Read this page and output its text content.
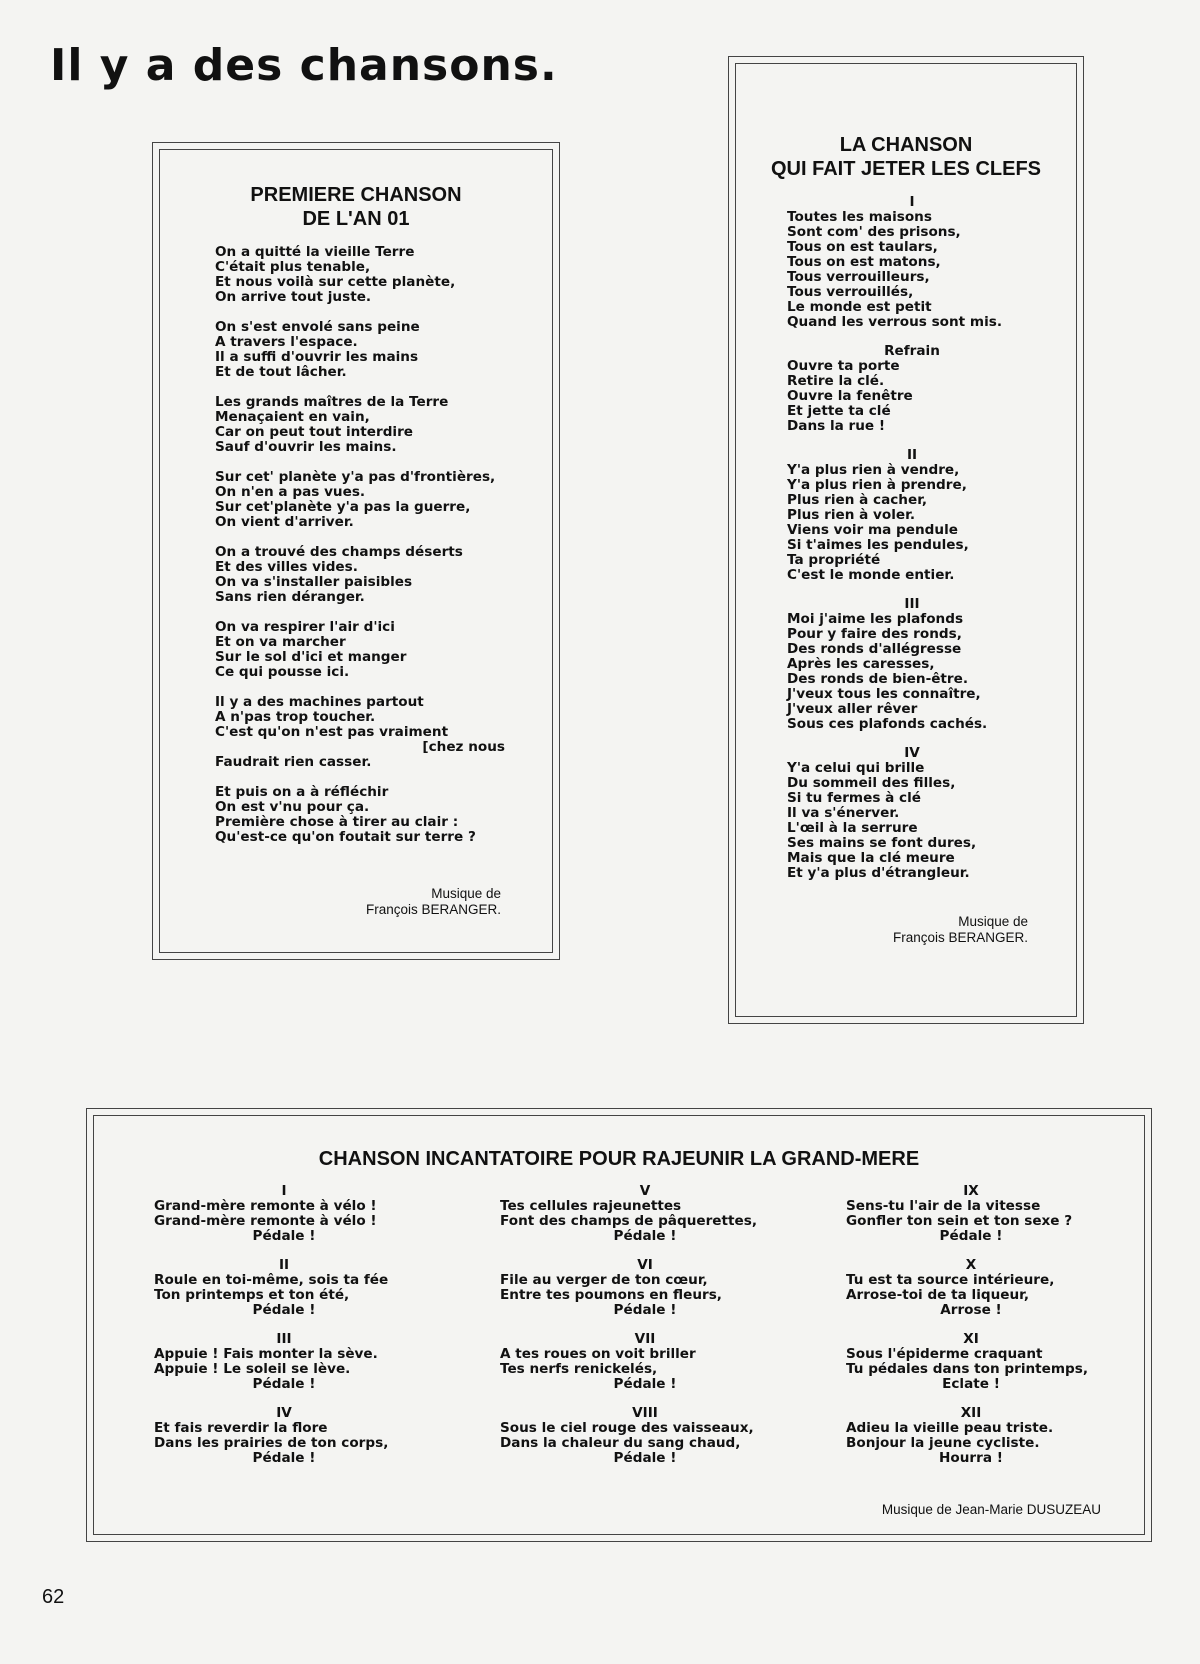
Il y a des chansons.
PREMIERE CHANSON
DE L'AN 01
On a quitté la vieille Terre
C'était plus tenable,
Et nous voilà sur cette planète,
On arrive tout juste.
On s'est envolé sans peine
A travers l'espace.
Il a suffi d'ouvrir les mains
Et de tout lâcher.
Les grands maîtres de la Terre
Menaçaient en vain,
Car on peut tout interdire
Sauf d'ouvrir les mains.
Sur cet' planète y'a pas d'frontières,
On n'en a pas vues.
Sur cet'planète y'a pas la guerre,
On vient d'arriver.
On a trouvé des champs déserts
Et des villes vides.
On va s'installer paisibles
Sans rien déranger.
On va respirer l'air d'ici
Et on va marcher
Sur le sol d'ici et manger
Ce qui pousse ici.
Il y a des machines partout
A n'pas trop toucher.
C'est qu'on n'est pas vraiment
[chez nous
Faudrait rien casser.
Et puis on a à réfléchir
On est v'nu pour ça.
Première chose à tirer au clair :
Qu'est-ce qu'on foutait sur terre ?
Musique de
François BERANGER.
LA CHANSON
QUI FAIT JETER LES CLEFS
I
Toutes les maisons
Sont com' des prisons,
Tous on est taulars,
Tous on est matons,
Tous verrouilleurs,
Tous verrouillés,
Le monde est petit
Quand les verrous sont mis.
Refrain
Ouvre ta porte
Retire la clé.
Ouvre la fenêtre
Et jette ta clé
Dans la rue !
II
Y'a plus rien à vendre,
Y'a plus rien à prendre,
Plus rien à cacher,
Plus rien à voler.
Viens voir ma pendule
Si t'aimes les pendules,
Ta propriété
C'est le monde entier.
III
Moi j'aime les plafonds
Pour y faire des ronds,
Des ronds d'allégresse
Après les caresses,
Des ronds de bien-être.
J'veux tous les connaître,
J'veux aller rêver
Sous ces plafonds cachés.
IV
Y'a celui qui brille
Du sommeil des filles,
Si tu fermes à clé
Il va s'énerver.
L'œil à la serrure
Ses mains se font dures,
Mais que la clé meure
Et y'a plus d'étrangleur.
Musique de
François BERANGER.
CHANSON INCANTATOIRE POUR RAJEUNIR LA GRAND-MERE
Musique de Jean-Marie DUSUZEAU
I
Grand-mère remonte à vélo !
Grand-mère remonte à vélo !
Pédale !
II
Roule en toi-même, sois ta fée
Ton printemps et ton été,
Pédale !
III
Appuie ! Fais monter la sève.
Appuie ! Le soleil se lève.
Pédale !
IV
Et fais reverdir la flore
Dans les prairies de ton corps,
Pédale !
V
Tes cellules rajeunettes
Font des champs de pâquerettes,
Pédale !
VI
File au verger de ton cœur,
Entre tes poumons en fleurs,
Pédale !
VII
A tes roues on voit briller
Tes nerfs renickelés,
Pédale !
VIII
Sous le ciel rouge des vaisseaux,
Dans la chaleur du sang chaud,
Pédale !
IX
Sens-tu l'air de la vitesse
Gonfler ton sein et ton sexe ?
Pédale !
X
Tu est ta source intérieure,
Arrose-toi de ta liqueur,
Arrose !
XI
Sous l'épiderme craquant
Tu pédales dans ton printemps,
Eclate !
XII
Adieu la vieille peau triste.
Bonjour la jeune cycliste.
Hourra !
62
